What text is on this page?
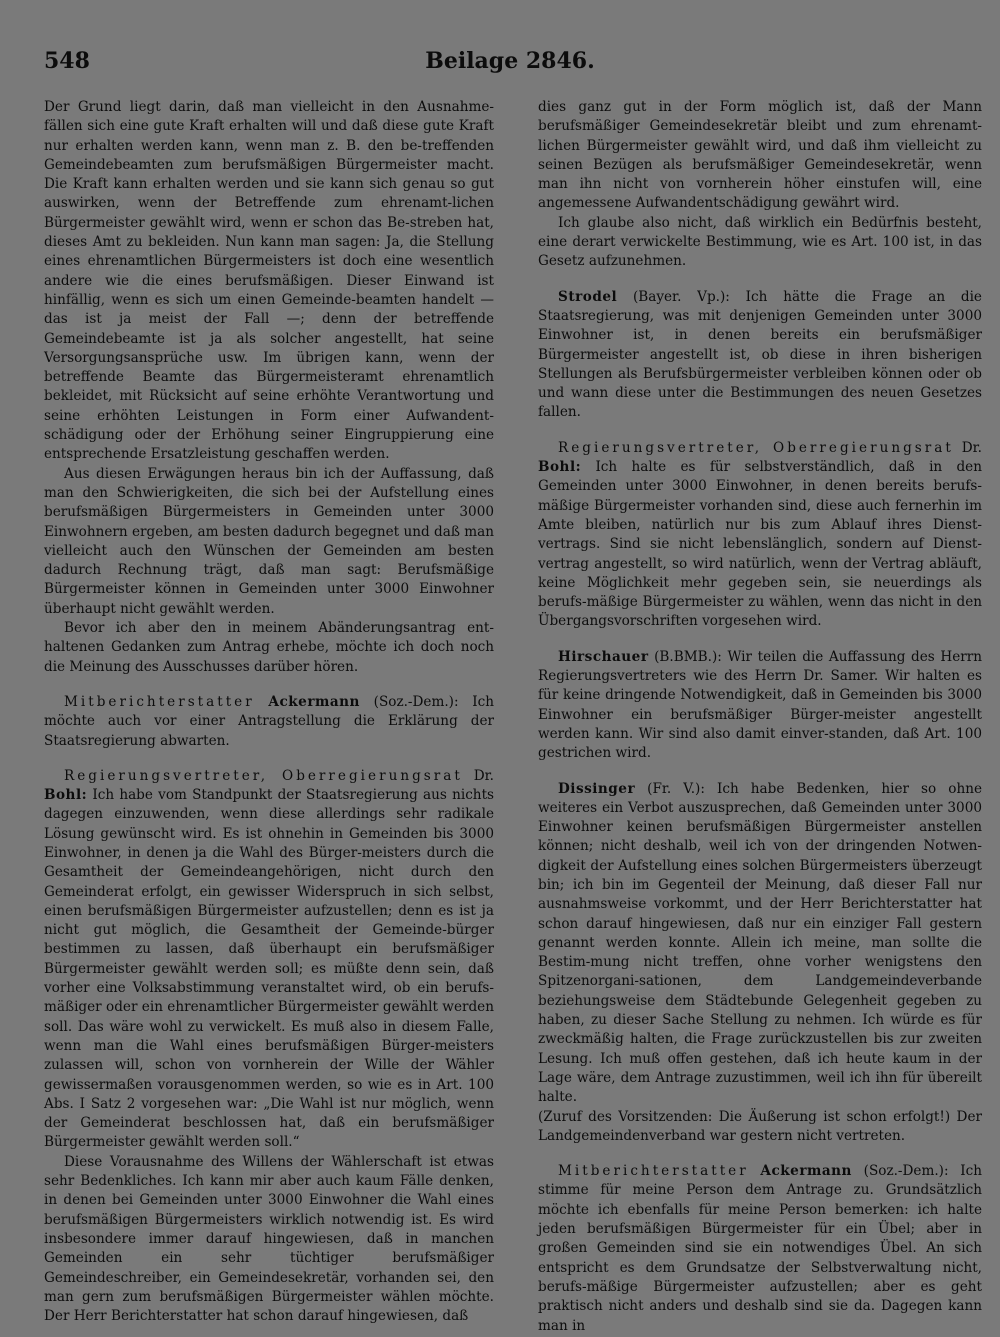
548	Beilage 2846.

Der Grund liegt darin, daß man vielleicht in den Ausnahme-fällen sich eine gute Kraft erhalten will und daß diese gute Kraft nur erhalten werden kann, wenn man z. B. den be-treffenden Gemeindebeamten zum berufsmäßigen Bürgermeister macht. Die Kraft kann erhalten werden und sie kann sich genau so gut auswirken, wenn der Betreffende zum ehrenamt-lichen Bürgermeister gewählt wird, wenn er schon das Be-streben hat, dieses Amt zu bekleiden. Nun kann man sagen: Ja, die Stellung eines ehrenamtlichen Bürgermeisters ist doch eine wesentlich andere wie die eines berufsmäßigen. Dieser Einwand ist hinfällig, wenn es sich um einen Gemeinde-beamten handelt — das ist ja meist der Fall —; denn der betreffende Gemeindebeamte ist ja als solcher angestellt, hat seine Versorgungsansprüche usw. Im übrigen kann, wenn der betreffende Beamte das Bürgermeisteramt ehrenamtlich bekleidet, mit Rücksicht auf seine erhöhte Verantwortung und seine erhöhten Leistungen in Form einer Aufwandent-schädigung oder der Erhöhung seiner Eingruppierung eine entsprechende Ersatzleistung geschaffen werden.

Aus diesen Erwägungen heraus bin ich der Auffassung, daß man den Schwierigkeiten, die sich bei der Aufstellung eines berufsmäßigen Bürgermeisters in Gemeinden unter 3000 Einwohnern ergeben, am besten dadurch begegnet und daß man vielleicht auch den Wünschen der Gemeinden am besten dadurch Rechnung trägt, daß man sagt: Berufsmäßige Bürgermeister können in Gemeinden unter 3000 Einwohner überhaupt nicht gewählt werden.

Bevor ich aber den in meinem Abänderungsantrag ent-haltenen Gedanken zum Antrag erhebe, möchte ich doch noch die Meinung des Ausschusses darüber hören.

Mitberichterstatter Ackermann (Soz.-Dem.): Ich möchte auch vor einer Antragstellung die Erklärung der Staatsregierung abwarten.

Regierungsvertreter, Oberregierungsrat Dr. Bohl: Ich habe vom Standpunkt der Staatsregierung aus nichts dagegen einzuwenden, wenn diese allerdings sehr radikale Lösung gewünscht wird. Es ist ohnehin in Gemeinden bis 3000 Einwohner, in denen ja die Wahl des Bürger-meisters durch die Gesamtheit der Gemeindeangehörigen, nicht durch den Gemeinderat erfolgt, ein gewisser Widerspruch in sich selbst, einen berufsmäßigen Bürgermeister aufzustellen; denn es ist ja nicht gut möglich, die Gesamtheit der Gemeinde-bürger bestimmen zu lassen, daß überhaupt ein berufsmäßiger Bürgermeister gewählt werden soll; es müßte denn sein, daß vorher eine Volksabstimmung veranstaltet wird, ob ein berufs-mäßiger oder ein ehrenamtlicher Bürgermeister gewählt werden soll. Das wäre wohl zu verwickelt. Es muß also in diesem Falle, wenn man die Wahl eines berufsmäßigen Bürger-meisters zulassen will, schon von vornherein der Wille der Wähler gewissermaßen vorausgenommen werden, so wie es in Art. 100 Abs. I Satz 2 vorgesehen war: „Die Wahl ist nur möglich, wenn der Gemeinderat beschlossen hat, daß ein berufsmäßiger Bürgermeister gewählt werden soll.“

Diese Vorausnahme des Willens der Wählerschaft ist etwas sehr Bedenkliches. Ich kann mir aber auch kaum Fälle denken, in denen bei Gemeinden unter 3000 Einwohner die Wahl eines berufsmäßigen Bürgermeisters wirklich notwendig ist. Es wird insbesondere immer darauf hingewiesen, daß in manchen Gemeinden ein sehr tüchtiger berufsmäßiger Gemeindeschreiber, ein Gemeindesekretär, vorhanden sei, den man gern zum berufsmäßigen Bürgermeister wählen möchte. Der Herr Berichterstatter hat schon darauf hingewiesen, daß

dies ganz gut in der Form möglich ist, daß der Mann berufsmäßiger Gemeindesekretär bleibt und zum ehrenamt-lichen Bürgermeister gewählt wird, und daß ihm vielleicht zu seinen Bezügen als berufsmäßiger Gemeindesekretär, wenn man ihn nicht von vornherein höher einstufen will, eine angemessene Aufwandentschädigung gewährt wird.

Ich glaube also nicht, daß wirklich ein Bedürfnis besteht, eine derart verwickelte Bestimmung, wie es Art. 100 ist, in das Gesetz aufzunehmen.

Strodel (Bayer. Vp.): Ich hätte die Frage an die Staatsregierung, was mit denjenigen Gemeinden unter 3000 Einwohner ist, in denen bereits ein berufsmäßiger Bürgermeister angestellt ist, ob diese in ihren bisherigen Stellungen als Berufsbürgermeister verbleiben können oder ob und wann diese unter die Bestimmungen des neuen Gesetzes fallen.

Regierungsvertreter, Oberregierungsrat Dr. Bohl: Ich halte es für selbstverständlich, daß in den Gemeinden unter 3000 Einwohner, in denen bereits berufs-mäßige Bürgermeister vorhanden sind, diese auch fernerhin im Amte bleiben, natürlich nur bis zum Ablauf ihres Dienst-vertrags. Sind sie nicht lebenslänglich, sondern auf Dienst-vertrag angestellt, so wird natürlich, wenn der Vertrag abläuft, keine Möglichkeit mehr gegeben sein, sie neuerdings als berufs-mäßige Bürgermeister zu wählen, wenn das nicht in den Übergangsvorschriften vorgesehen wird.

Hirschauer (B.BMB.): Wir teilen die Auffassung des Herrn Regierungsvertreters wie des Herrn Dr. Samer. Wir halten es für keine dringende Notwendigkeit, daß in Gemeinden bis 3000 Einwohner ein berufsmäßiger Bürger-meister angestellt werden kann. Wir sind also damit einver-standen, daß Art. 100 gestrichen wird.

Dissinger (Fr. V.): Ich habe Bedenken, hier so ohne weiteres ein Verbot auszusprechen, daß Gemeinden unter 3000 Einwohner keinen berufsmäßigen Bürgermeister anstellen können; nicht deshalb, weil ich von der dringenden Notwen-digkeit der Aufstellung eines solchen Bürgermeisters überzeugt bin; ich bin im Gegenteil der Meinung, daß dieser Fall nur ausnahmsweise vorkommt, und der Herr Berichterstatter hat schon darauf hingewiesen, daß nur ein einziger Fall gestern genannt werden konnte. Allein ich meine, man sollte die Bestim-mung nicht treffen, ohne vorher wenigstens den Spitzenorgani-sationen, dem Landgemeindeverbande beziehungsweise dem Städtebunde Gelegenheit gegeben zu haben, zu dieser Sache Stellung zu nehmen. Ich würde es für zweckmäßig halten, die Frage zurückzustellen bis zur zweiten Lesung. Ich muß offen gestehen, daß ich heute kaum in der Lage wäre, dem Antrage zuzustimmen, weil ich ihn für übereilt halte.

(Zuruf des Vorsitzenden: Die Äußerung ist schon erfolgt!) Der Landgemeindenverband war gestern nicht vertreten.

Mitberichterstatter Ackermann (Soz.-Dem.): Ich stimme für meine Person dem Antrage zu. Grundsätzlich möchte ich ebenfalls für meine Person bemerken: ich halte jeden berufsmäßigen Bürgermeister für ein Übel; aber in großen Gemeinden sind sie ein notwendiges Übel. An sich entspricht es dem Grundsatze der Selbstverwaltung nicht, berufs-mäßige Bürgermeister aufzustellen; aber es geht praktisch nicht anders und deshalb sind sie da. Dagegen kann man in
